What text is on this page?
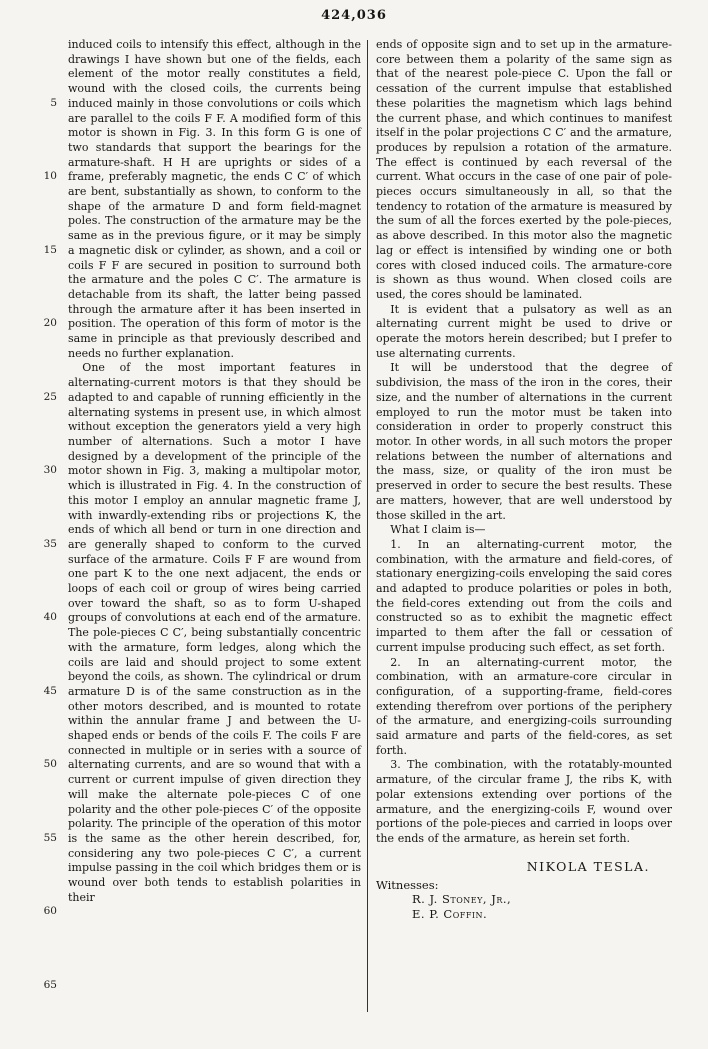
424,036
5
10
15
20
25
30
35
40
45
50
55
60
65

induced coils to intensify this effect, although in the drawings I have shown but one of the fields, each element of the motor really constitutes a field, wound with the closed coils, the currents being induced mainly in those convolutions or coils which are parallel to the coils F F. A modified form of this motor is shown in Fig. 3. In this form G is one of two standards that support the bearings for the armature-shaft. H H are uprights or sides of a frame, preferably magnetic, the ends C C′ of which are bent, substantially as shown, to conform to the shape of the armature D and form field-magnet poles. The construction of the armature may be the same as in the previous figure, or it may be simply a magnetic disk or cylinder, as shown, and a coil or coils F F are secured in position to surround both the armature and the poles C C′. The armature is detachable from its shaft, the latter being passed through the armature after it has been inserted in position. The operation of this form of motor is the same in principle as that previously described and needs no further explanation.

One of the most important features in alternating-current motors is that they should be adapted to and capable of running efficiently in the alternating systems in present use, in which almost without exception the generators yield a very high number of alternations. Such a motor I have designed by a development of the principle of the motor shown in Fig. 3, making a multipolar motor, which is illustrated in Fig. 4. In the construction of this motor I employ an annular magnetic frame J, with inwardly-extending ribs or projections K, the ends of which all bend or turn in one direction and are generally shaped to conform to the curved surface of the armature. Coils F F are wound from one part K to the one next adjacent, the ends or loops of each coil or group of wires being carried over toward the shaft, so as to form U-shaped groups of convolutions at each end of the armature. The pole-pieces C C′, being substantially concentric with the armature, form ledges, along which the coils are laid and should project to some extent beyond the coils, as shown. The cylindrical or drum armature D is of the same construction as in the other motors described, and is mounted to rotate within the annular frame J and between the U-shaped ends or bends of the coils F. The coils F are connected in multiple or in series with a source of alternating currents, and are so wound that with a current or current impulse of given direction they will make the alternate pole-pieces C of one polarity and the other pole-pieces C′ of the opposite polarity. The principle of the operation of this motor is the same as the other herein described, for, considering any two pole-pieces C C′, a current impulse passing in the coil which bridges them or is wound over both tends to establish polarities in their

ends of opposite sign and to set up in the armature-core between them a polarity of the same sign as that of the nearest pole-piece C. Upon the fall or cessation of the current impulse that established these polarities the magnetism which lags behind the current phase, and which continues to manifest itself in the polar projections C C′ and the armature, produces by repulsion a rotation of the armature. The effect is continued by each reversal of the current. What occurs in the case of one pair of pole-pieces occurs simultaneously in all, so that the tendency to rotation of the armature is measured by the sum of all the forces exerted by the pole-pieces, as above described. In this motor also the magnetic lag or effect is intensified by winding one or both cores with closed induced coils. The armature-core is shown as thus wound. When closed coils are used, the cores should be laminated.

It is evident that a pulsatory as well as an alternating current might be used to drive or operate the motors herein described; but I prefer to use alternating currents.

It will be understood that the degree of subdivision, the mass of the iron in the cores, their size, and the number of alternations in the current employed to run the motor must be taken into consideration in order to properly construct this motor. In other words, in all such motors the proper relations between the number of alternations and the mass, size, or quality of the iron must be preserved in order to secure the best results. These are matters, however, that are well understood by those skilled in the art.

What I claim is—

1. In an alternating-current motor, the combination, with the armature and field-cores, of stationary energizing-coils enveloping the said cores and adapted to produce polarities or poles in both, the field-cores extending out from the coils and constructed so as to exhibit the magnetic effect imparted to them after the fall or cessation of current impulse producing such effect, as set forth.

2. In an alternating-current motor, the combination, with an armature-core circular in configuration, of a supporting-frame, field-cores extending therefrom over portions of the periphery of the armature, and energizing-coils surrounding said armature and parts of the field-cores, as set forth.

3. The combination, with the rotatably-mounted armature, of the circular frame J, the ribs K, with polar extensions extending over portions of the armature, and the energizing-coils F, wound over portions of the pole-pieces and carried in loops over the ends of the armature, as herein set forth.

NIKOLA TESLA.
Witnesses:
R. J. Stoney, Jr.,
E. P. Coffin.
